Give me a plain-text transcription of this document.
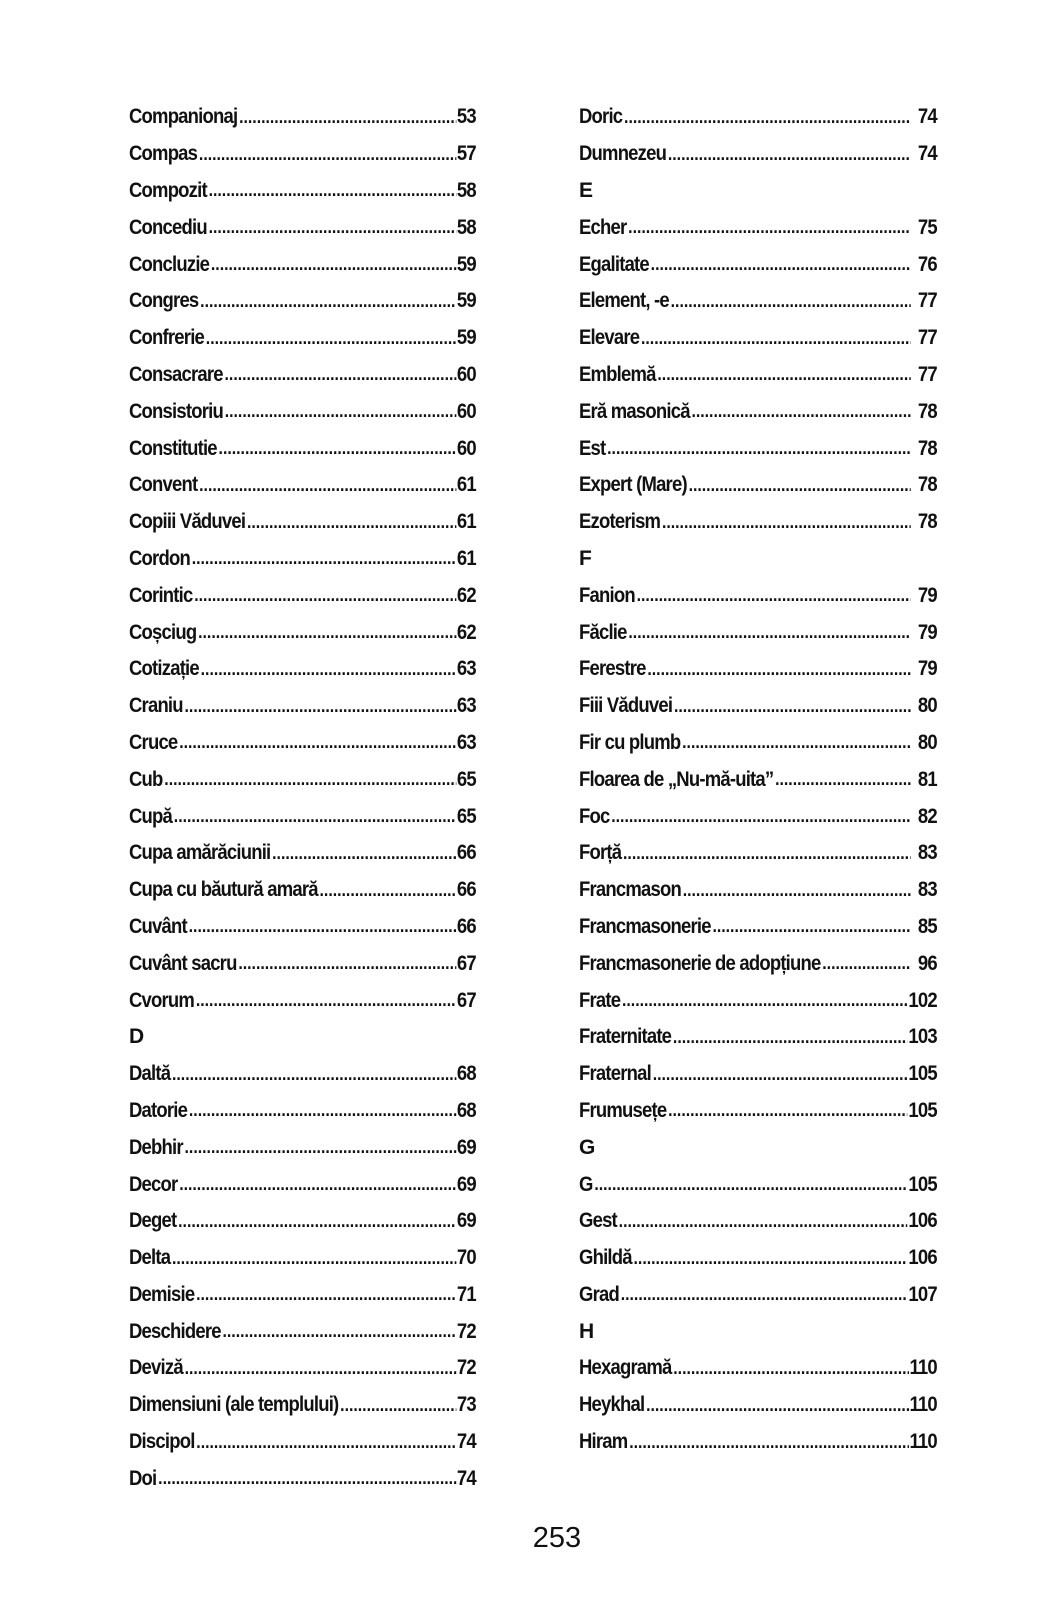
Companionaj .....	53
Compas .....	57
Compozit .....	58
Concediu .....	58
Concluzie .....	59
Congres .....	59
Confrerie .....	59
Consacrare .....	60
Consistoriu .....	60
Constitutie .....	60
Convent .....	61
Copiii Văduvei .....	61
Cordon .....	61
Corintic .....	62
Coșciug .....	62
Cotizație .....	63
Craniu .....	63
Cruce .....	63
Cub .....	65
Cupă .....	65
Cupa amărăciunii .....	66
Cupa cu băutură amară .....	66
Cuvânt .....	66
Cuvânt sacru .....	67
Cvorum .....	67
D
Daltă .....	68
Datorie .....	68
Debhir .....	69
Decor .....	69
Deget .....	69
Delta .....	70
Demisie .....	71
Deschidere .....	72
Deviză .....	72
Dimensiuni (ale templului) .....	73
Discipol .....	74
Doi .....	74
Doric .....	74
Dumnezeu .....	74
E
Echer .....	75
Egalitate .....	76
Element, -e .....	77
Elevare .....	77
Emblemă .....	77
Eră masonică .....	78
Est .....	78
Expert (Mare) .....	78
Ezoterism .....	78
F
Fanion .....	79
Făclie .....	79
Ferestre .....	79
Fiii Văduvei .....	80
Fir cu plumb .....	80
Floarea de „Nu-mă-uita” .....	81
Foc .....	82
Forță .....	83
Francmason .....	83
Francmasonerie .....	85
Francmasonerie de adopțiune .....	96
Frate .....	102
Fraternitate .....	103
Fraternal .....	105
Frumusețe .....	105
G
G .....	105
Gest .....	106
Ghildă .....	106
Grad .....	107
H
Hexagramă .....	110
Heykhal .....	110
Hiram .....	110
253
